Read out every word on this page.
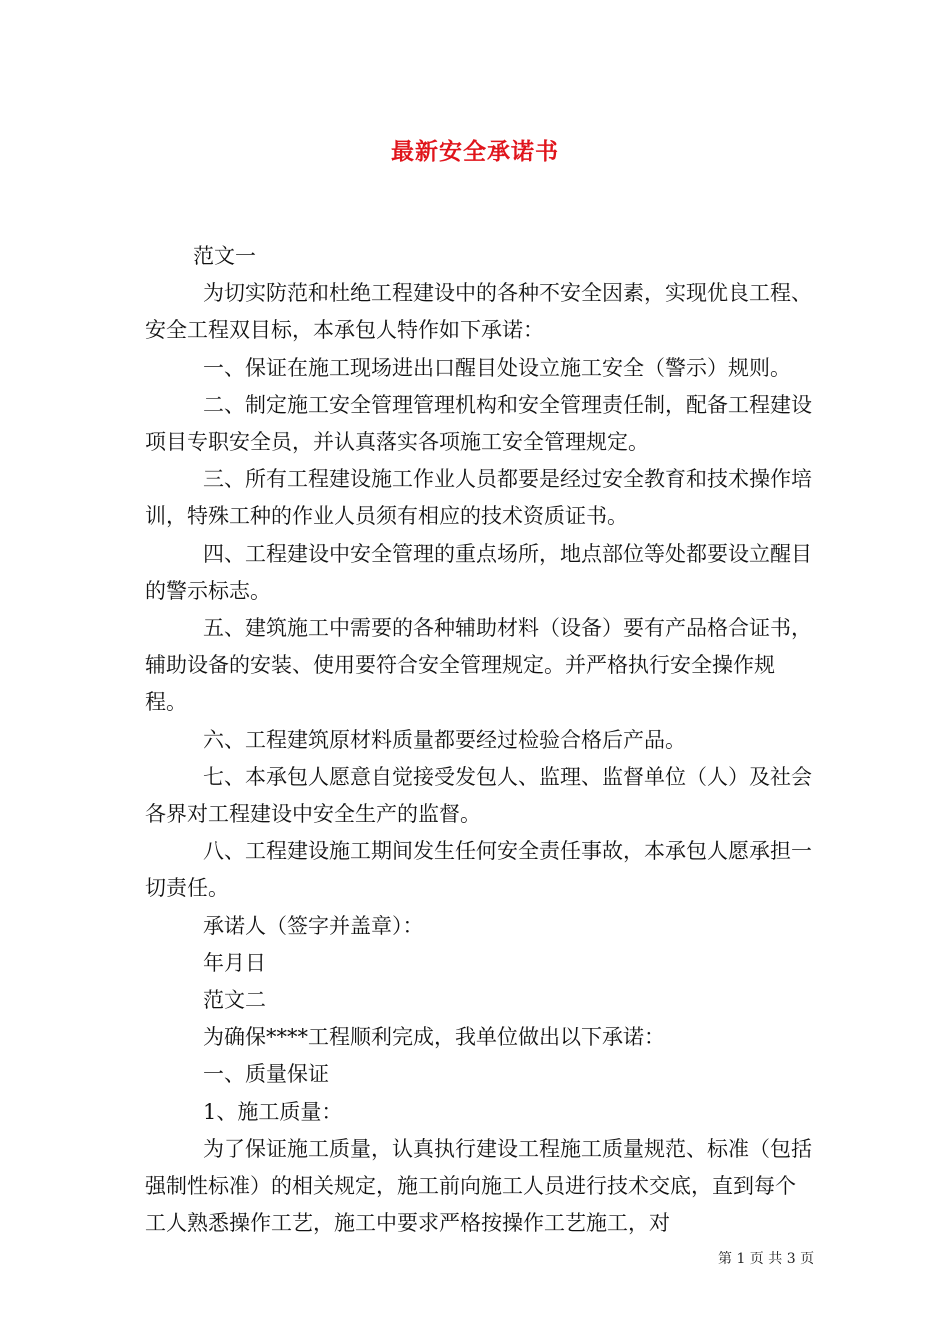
最新安全承诺书

范文一

为切实防范和杜绝工程建设中的各种不安全因素，实现优良工程、安全工程双目标，本承包人特作如下承诺：

一、保证在施工现场进出口醒目处设立施工安全（警示）规则。

二、制定施工安全管理管理机构和安全管理责任制，配备工程建设项目专职安全员，并认真落实各项施工安全管理规定。

三、所有工程建设施工作业人员都要是经过安全教育和技术操作培训，特殊工种的作业人员须有相应的技术资质证书。

四、工程建设中安全管理的重点场所，地点部位等处都要设立醒目的警示标志。

五、建筑施工中需要的各种辅助材料（设备）要有产品格合证书，辅助设备的安装、使用要符合安全管理规定。并严格执行安全操作规程。

六、工程建筑原材料质量都要经过检验合格后产品。

七、本承包人愿意自觉接受发包人、监理、监督单位（人）及社会各界对工程建设中安全生产的监督。

八、工程建设施工期间发生任何安全责任事故，本承包人愿承担一切责任。

承诺人（签字并盖章）：

年月日

范文二

为确保****工程顺利完成，我单位做出以下承诺：

一、质量保证

1、施工质量：

为了保证施工质量，认真执行建设工程施工质量规范、标准（包括强制性标准）的相关规定，施工前向施工人员进行技术交底，直到每个工人熟悉操作工艺，施工中要求严格按操作工艺施工，对

第 1 页 共 3 页
